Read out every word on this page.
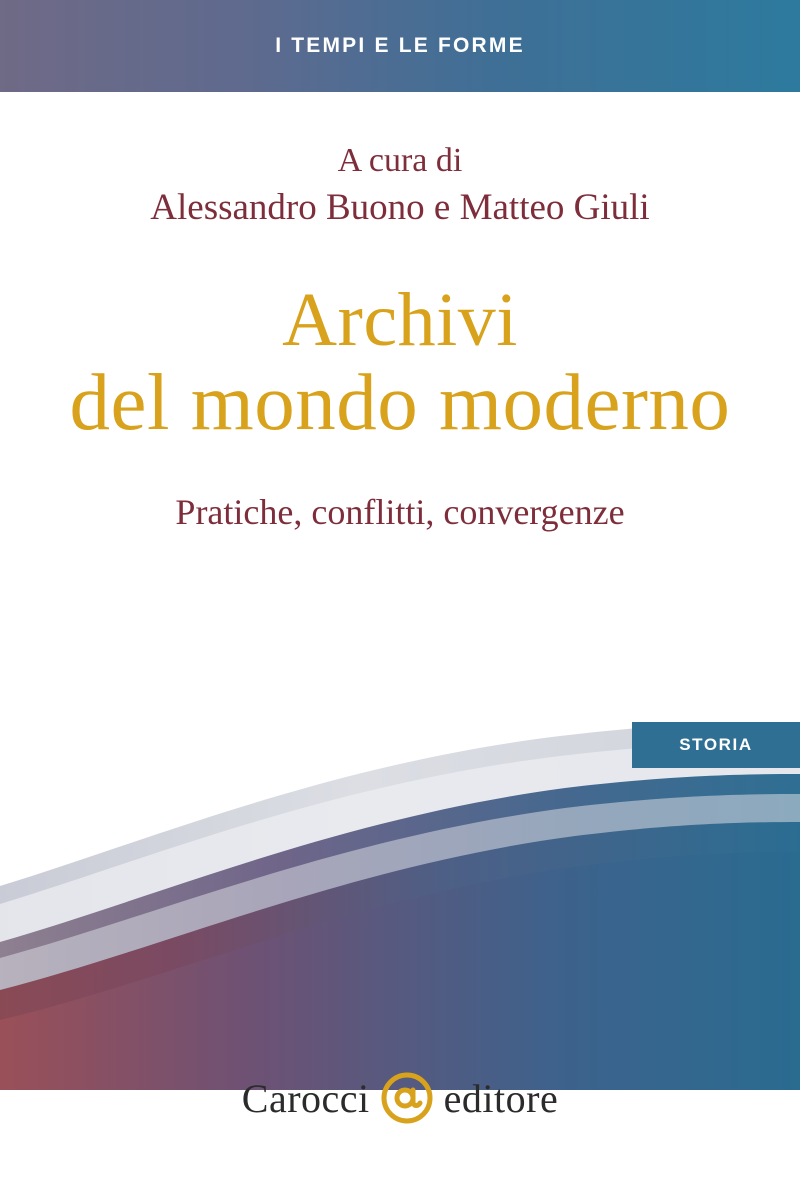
I TEMPI E LE FORME
STORIA

A cura di

Alessandro Buono e Matteo Giuli

Archivi
del mondo moderno

Pratiche, conflitti, convergenze

Carocci editore
